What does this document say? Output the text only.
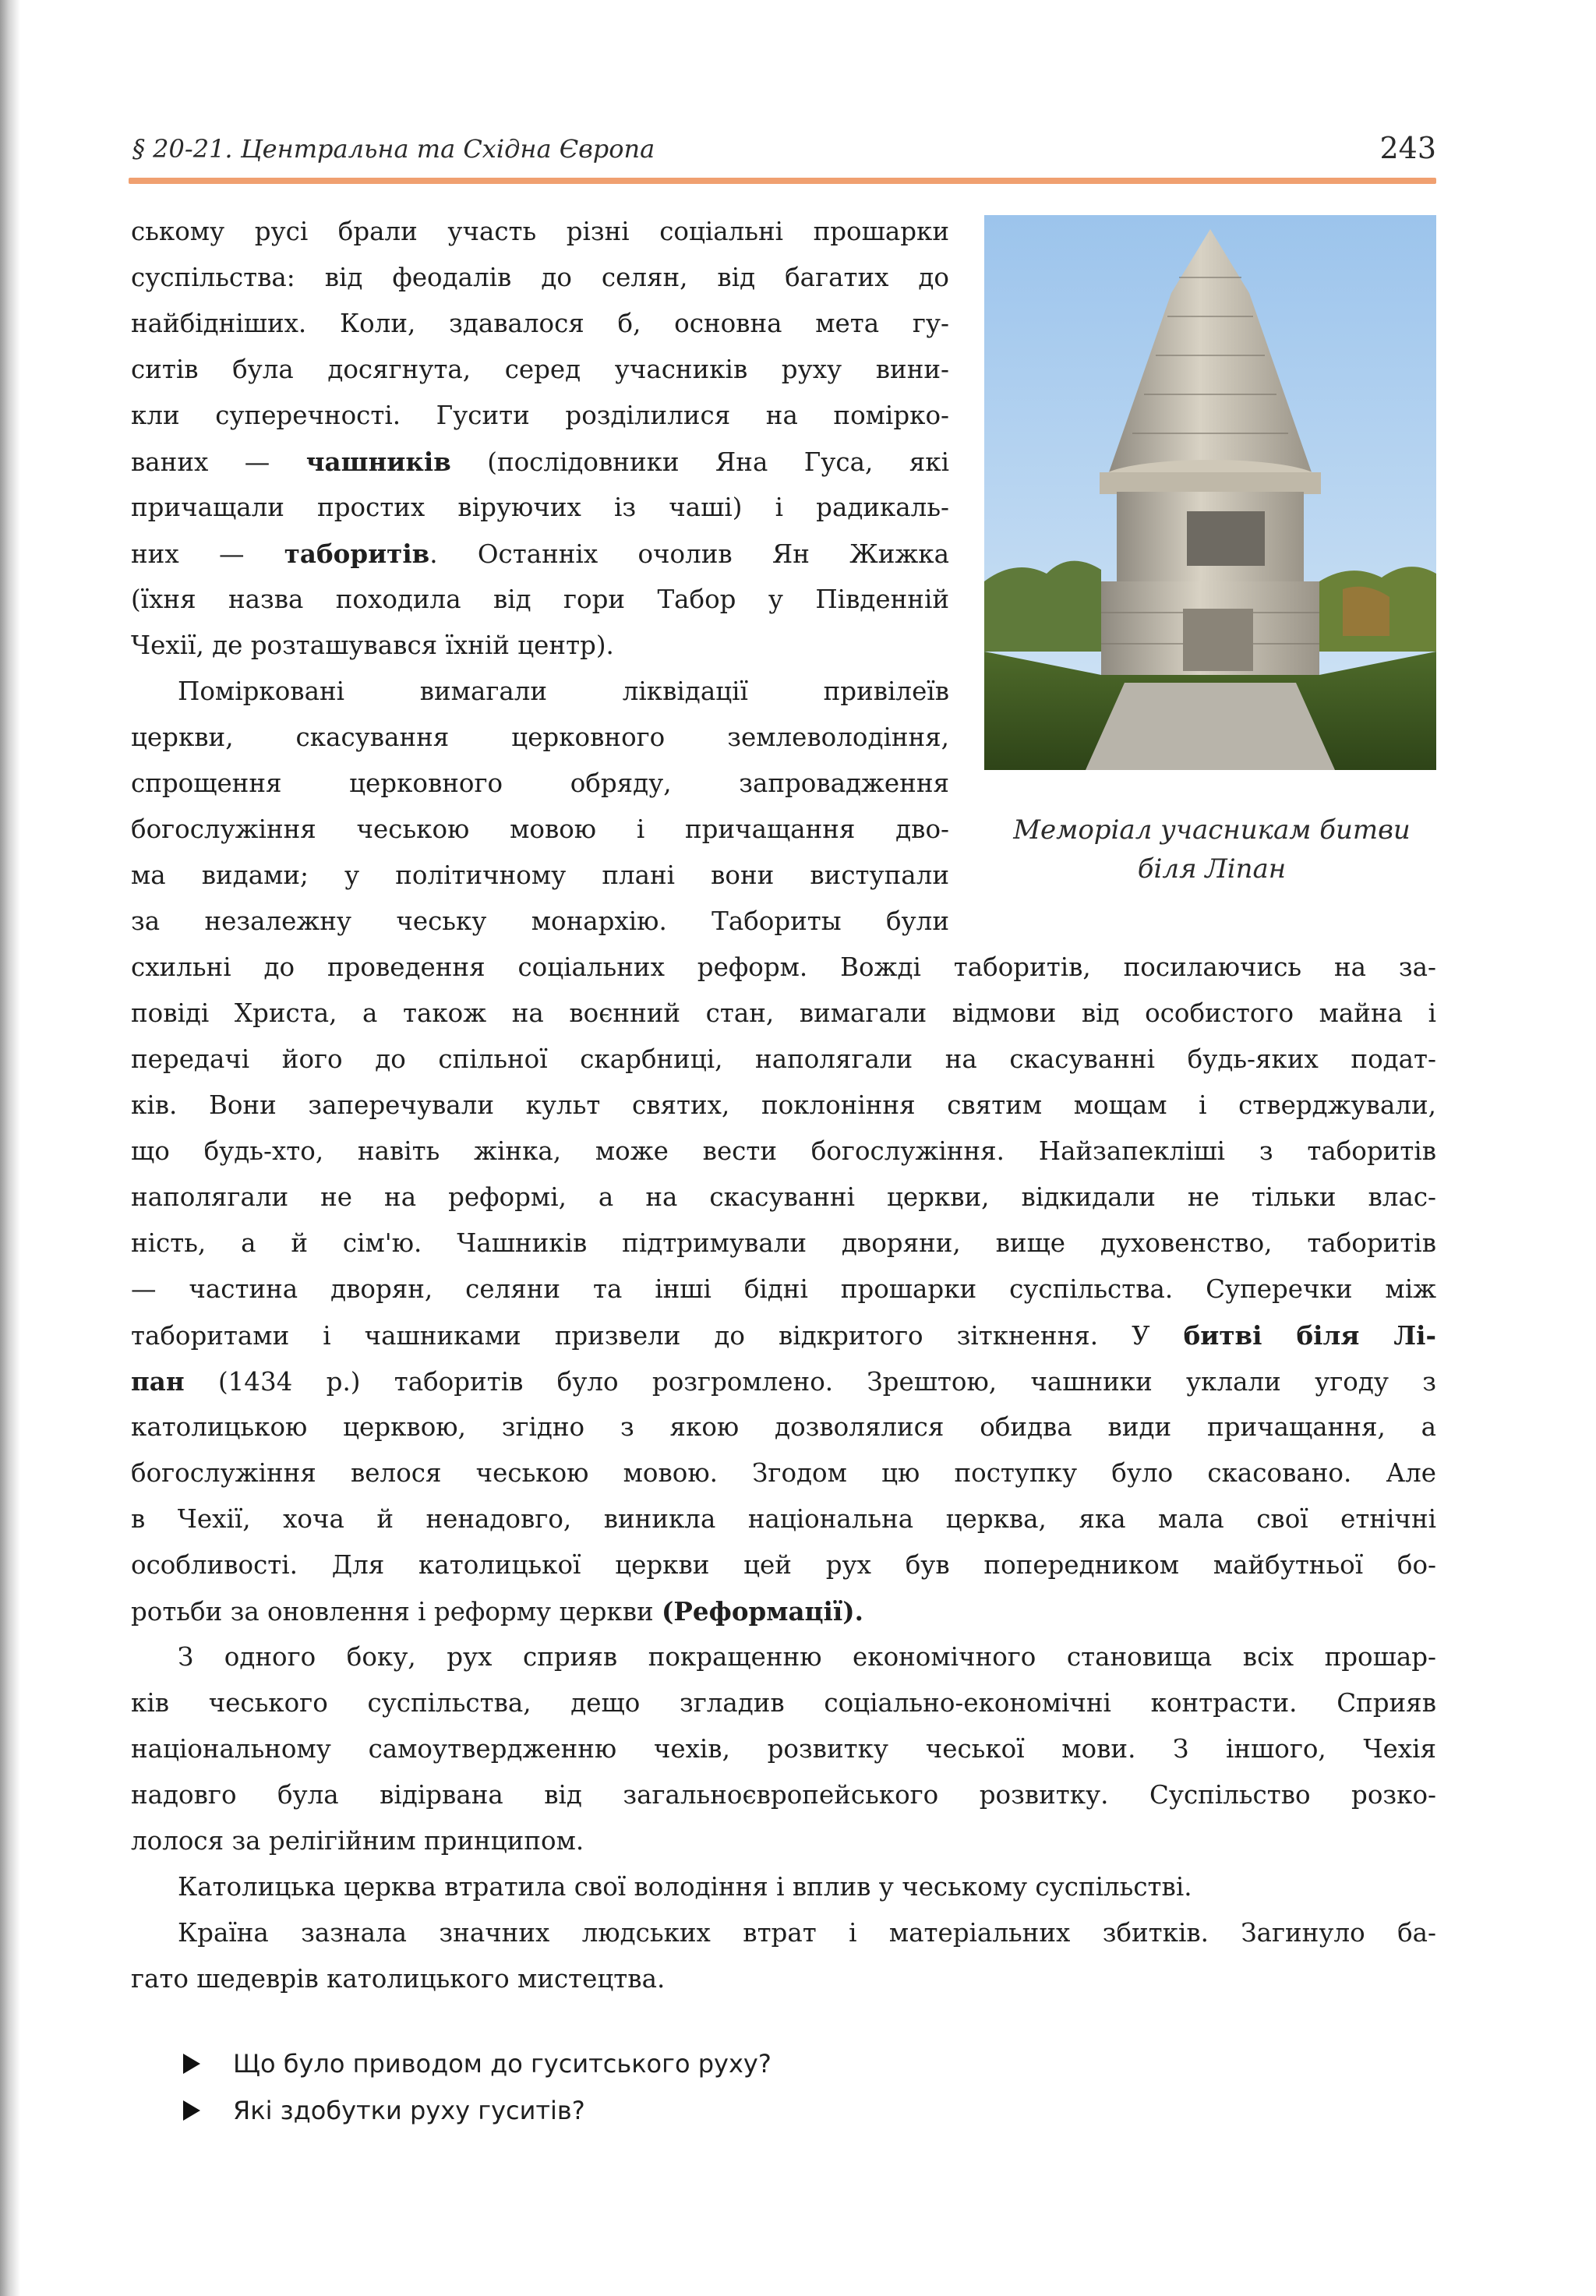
§ 20-21. Центральна та Східна Європа	243
Меморіал учасникам битви
біля Ліпан

ському русі брали участь різні соціальні прошарки

суспільства: від феодалів до селян, від багатих до

найбідніших. Коли, здавалося б, основна мета гу-

ситів була досягнута, серед учасників руху вини-

кли суперечності. Гусити розділилися на помірко-

ваних — чашників (послідовники Яна Гуса, які

причащали простих віруючих із чаші) і радикаль-

них — таборитів. Останніх очолив Ян Жижка

(їхня назва походила від гори Табор у Південній

Чехії, де розташувався їхній центр).

Помірковані вимагали ліквідації привілеїв

церкви, скасування церковного землеволодіння,

спрощення церковного обряду, запровадження

богослужіння чеською мовою і причащання дво-

ма видами; у політичному плані вони виступали

за незалежну чеську монархію. Табориты були

схильні до проведення соціальних реформ. Вожді таборитів, посилаючись на за-

повіді Христа, а також на воєнний стан, вимагали відмови від особистого майна і

передачі його до спільної скарбниці, наполягали на скасуванні будь-яких подат-

ків. Вони заперечували культ святих, поклоніння святим мощам і стверджували,

що будь-хто, навіть жінка, може вести богослужіння. Найзапекліші з таборитів

наполягали не на реформі, а на скасуванні церкви, відкидали не тільки влас-

ність, а й сім'ю. Чашників підтримували дворяни, вище духовенство, таборитів

— частина дворян, селяни та інші бідні прошарки суспільства. Суперечки між

таборитами і чашниками призвели до відкритого зіткнення. У битві біля Лі-
пан (1434 р.) таборитів було розгромлено. Зрештою, чашники уклали угоду з

католицькою церквою, згідно з якою дозволялися обидва види причащання, а

богослужіння велося чеською мовою. Згодом цю поступку було скасовано. Але

в Чехії, хоча й ненадовго, виникла національна церква, яка мала свої етнічні

особливості. Для католицької церкви цей рух був попередником майбутньої бо-

ротьби за оновлення і реформу церкви (Реформації).

З одного боку, рух сприяв покращенню економічного становища всіх прошар-

ків чеського суспільства, дещо згладив соціально-економічні контрасти. Сприяв

національному самоутвердженню чехів, розвитку чеської мови. З іншого, Чехія

надовго була відірвана від загальноєвропейського розвитку. Суспільство розко-

лолося за релігійним принципом.

Католицька церква втратила свої володіння і вплив у чеському суспільстві.

Країна зазнала значних людських втрат і матеріальних збитків. Загинуло ба-

гато шедеврів католицького мистецтва.

Що було приводом до гуситського руху?
Які здобутки руху гуситів?
